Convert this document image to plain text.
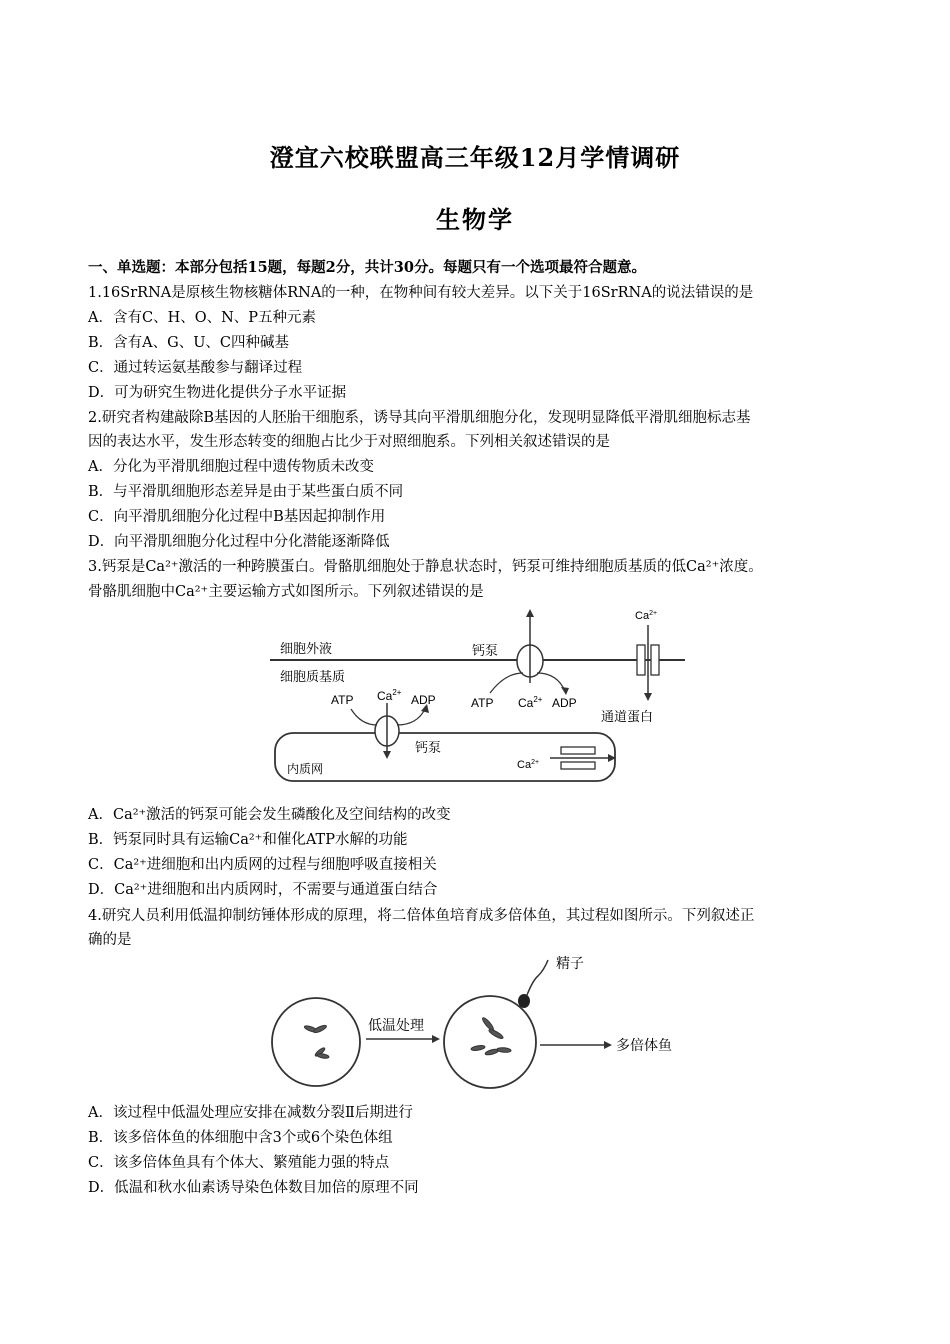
澄宜六校联盟高三年级12月学情调研
生物学
一、单选题：本部分包括15题，每题2分，共计30分。每题只有一个选项最符合题意。
1.16SrRNA是原核生物核糖体RNA的一种，在物种间有较大差异。以下关于16SrRNA的说法错误的是
A．含有C、H、O、N、P五种元素
B．含有A、G、U、C四种碱基
C．通过转运氨基酸参与翻译过程
D．可为研究生物进化提供分子水平证据
2.研究者构建敲除B基因的人胚胎干细胞系，诱导其向平滑肌细胞分化，发现明显降低平滑肌细胞标志基
因的表达水平，发生形态转变的细胞占比少于对照细胞系。下列相关叙述错误的是
A．分化为平滑肌细胞过程中遗传物质未改变
B．与平滑肌细胞形态差异是由于某些蛋白质不同
C．向平滑肌细胞分化过程中B基因起抑制作用
D．向平滑肌细胞分化过程中分化潜能逐渐降低
3.钙泵是Ca²⁺激活的一种跨膜蛋白。骨骼肌细胞处于静息状态时，钙泵可维持细胞质基质的低Ca²⁺浓度。
骨骼肌细胞中Ca²⁺主要运输方式如图所示。下列叙述错误的是
细胞外液
细胞质基质
钙泵
ATP $Ca^{2+}$ ADP
$Ca^{2+}$
通道蛋白
内质网
ATP $Ca^{2+}$
ADP
钙泵
$Ca^{2+}$
A．Ca²⁺激活的钙泵可能会发生磷酸化及空间结构的改变
B．钙泵同时具有运输Ca²⁺和催化ATP水解的功能
C．Ca²⁺进细胞和出内质网的过程与细胞呼吸直接相关
D．Ca²⁺进细胞和出内质网时，不需要与通道蛋白结合
4.研究人员利用低温抑制纺锤体形成的原理，将二倍体鱼培育成多倍体鱼，其过程如图所示。下列叙述正
确的是
低温处理
精子
多倍体鱼
A．该过程中低温处理应安排在减数分裂Ⅱ后期进行
B．该多倍体鱼的体细胞中含3个或6个染色体组
C．该多倍体鱼具有个体大、繁殖能力强的特点
D．低温和秋水仙素诱导染色体数目加倍的原理不同
